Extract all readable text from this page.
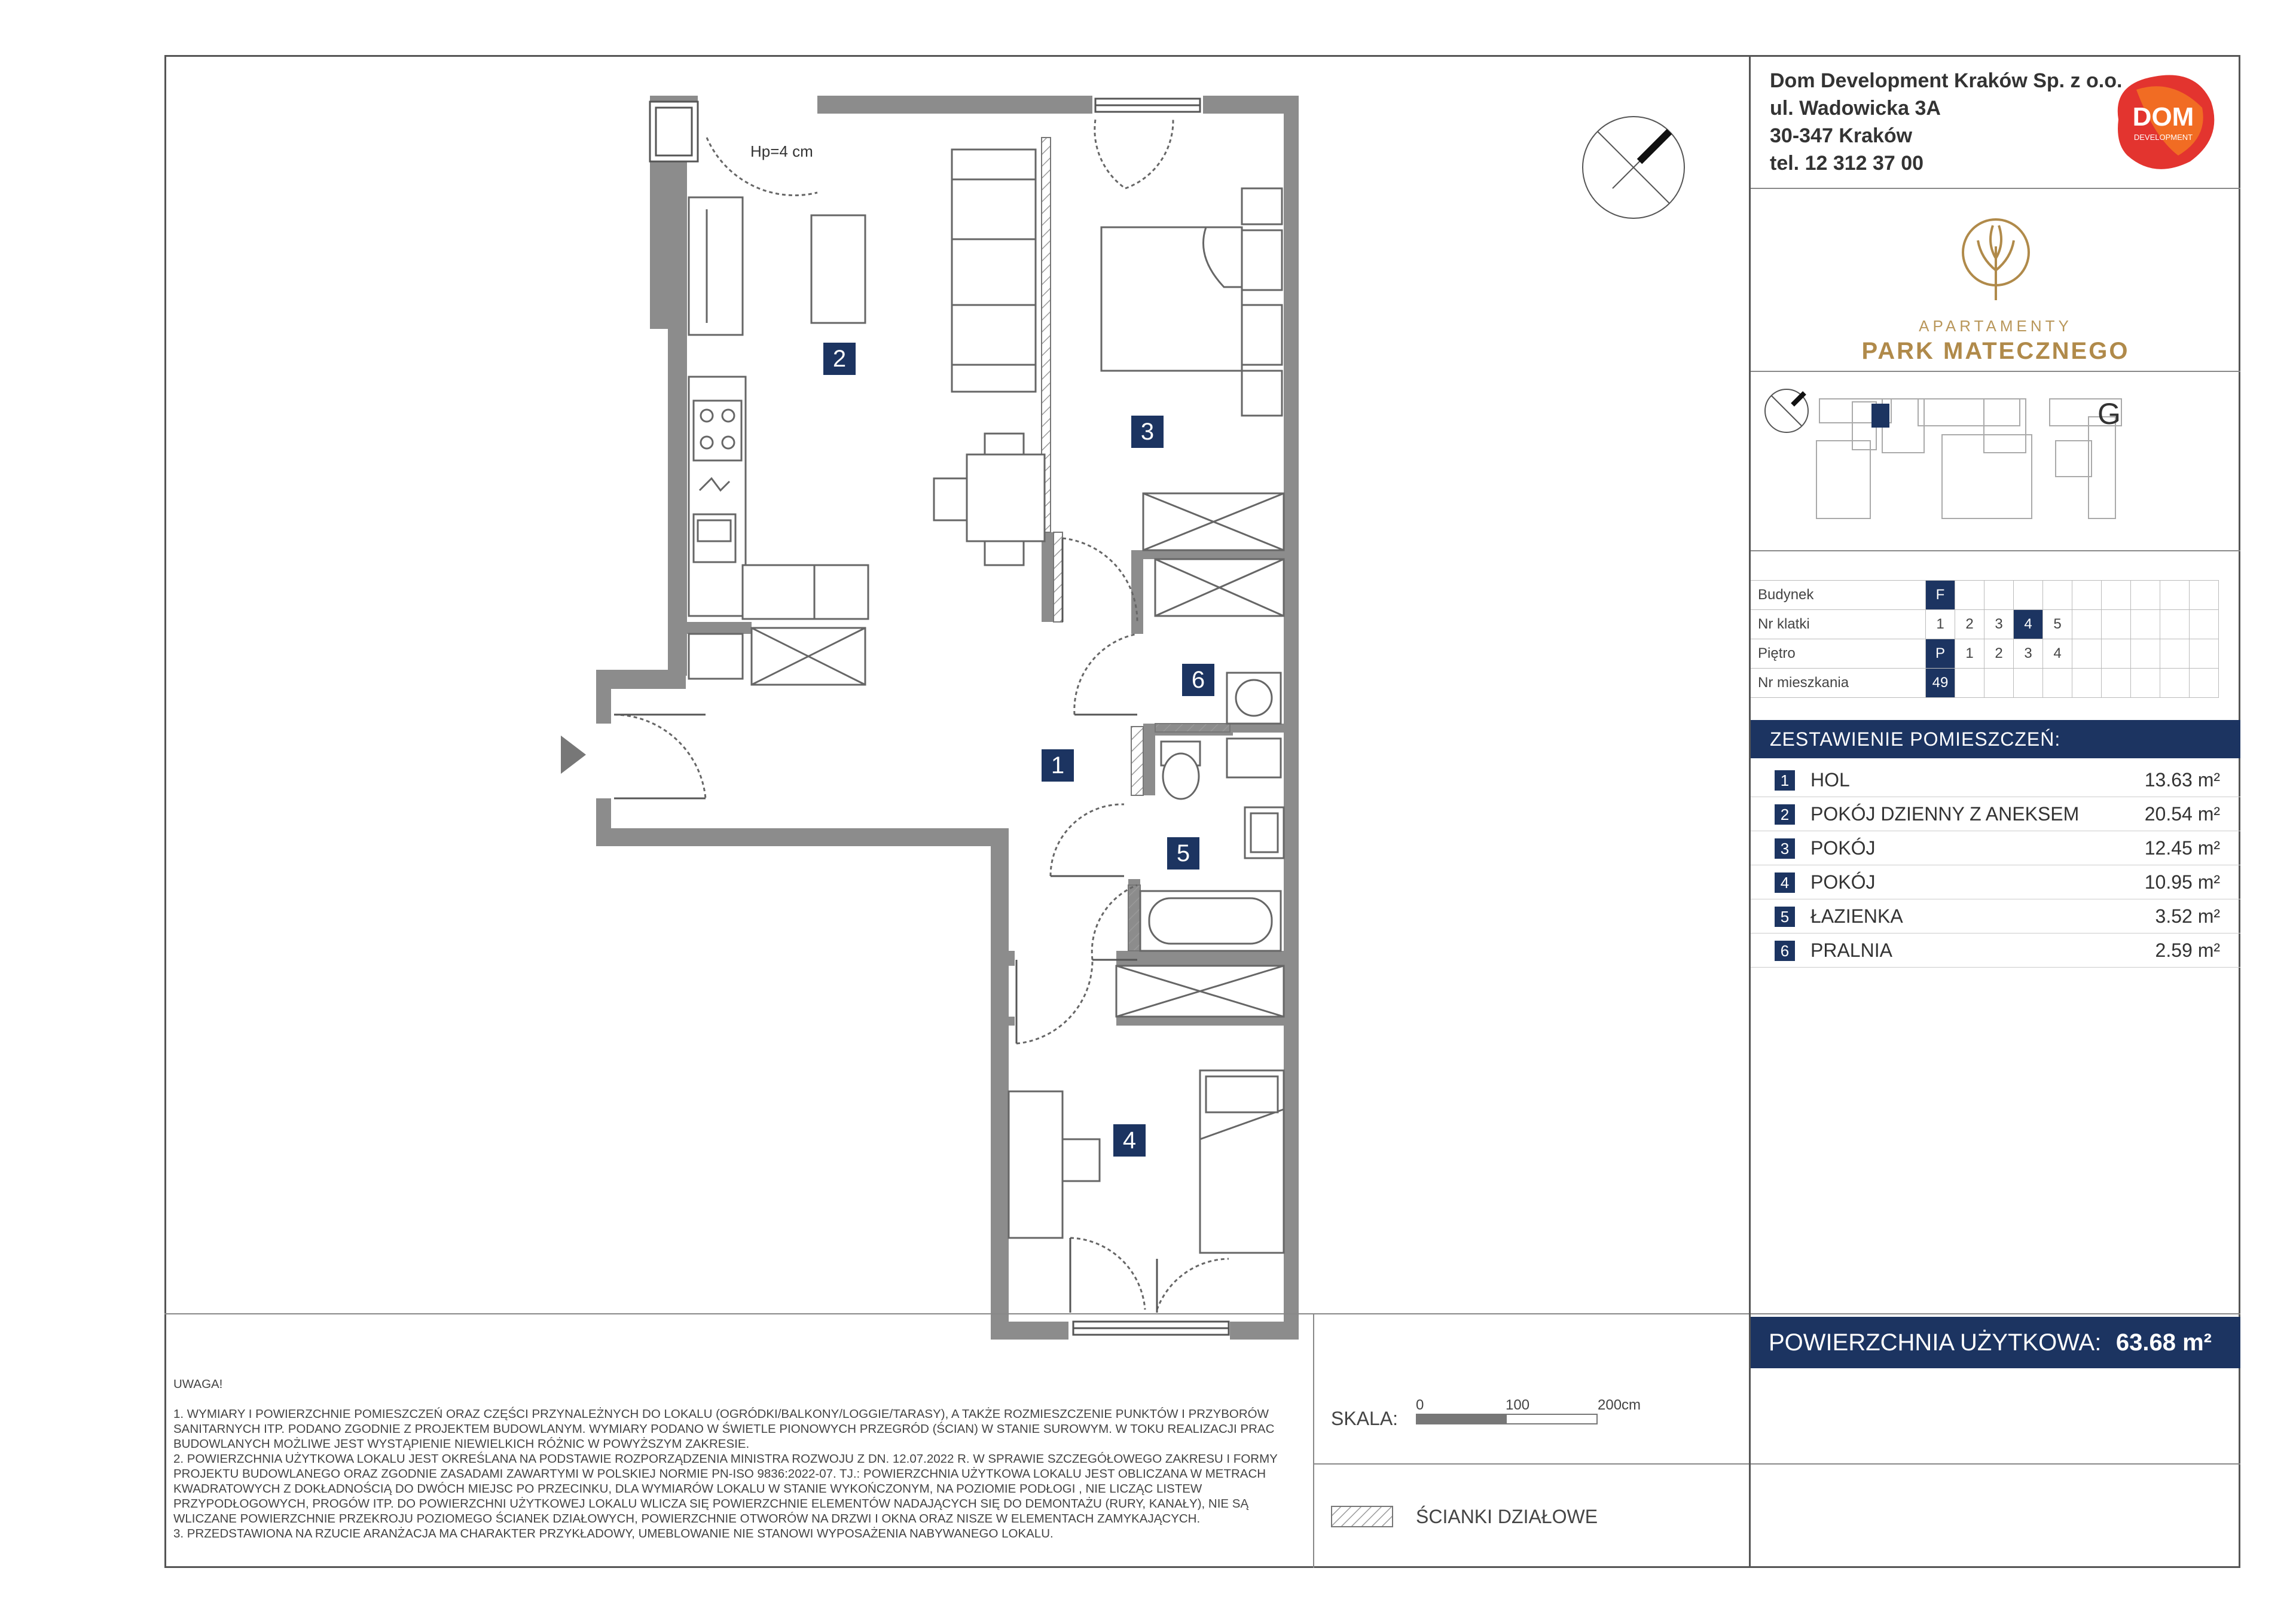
Hp=4 cm
2
3
6
1
5
4
Dom Development Kraków Sp. z o.o.
ul. Wadowicka 3A
30-347 Kraków
tel. 12 312 37 00
DOM
DEVELOPMENT
APARTAMENTY
PARK MATECZNEGO
G
Budynek	F									
Nr klatki	1	2	3	4	5					
Piętro	P	1	2	3	4					
Nr mieszkania	49									
ZESTAWIENIE POMIESZCZEŃ:
1	HOL	13.63 m²
2	POKÓJ DZIENNY Z ANEKSEM	20.54 m²
3	POKÓJ	12.45 m²
4	POKÓJ	10.95 m²
5	ŁAZIENKA	3.52 m²
6	PRALNIA	2.59 m²
POWIERZCHNIA UŻYTKOWA: 63.68 m²

UWAGA!

1. WYMIARY I POWIERZCHNIE POMIESZCZEŃ ORAZ CZĘŚCI PRZYNALEŻNYCH DO LOKALU (OGRÓDKI/BALKONY/LOGGIE/TARASY), A TAKŻE ROZMIESZCZENIE PUNKTÓW I PRZYBORÓW SANITARNYCH ITP. PODANO ZGODNIE Z PROJEKTEM BUDOWLANYM. WYMIARY PODANO W ŚWIETLE PIONOWYCH PRZEGRÓD (ŚCIAN) W STANIE SUROWYM. W TOKU REALIZACJI PRAC BUDOWLANYCH MOŻLIWE JEST WYSTĄPIENIE NIEWIELKICH RÓŻNIC W POWYŻSZYM ZAKRESIE.

2. POWIERZCHNIA UŻYTKOWA LOKALU JEST OKREŚLANA NA PODSTAWIE ROZPORZĄDZENIA MINISTRA ROZWOJU Z DN. 12.07.2022 R. W SPRAWIE SZCZEGÓŁOWEGO ZAKRESU I FORMY PROJEKTU BUDOWLANEGO ORAZ ZGODNIE ZASADAMI ZAWARTYMI W POLSKIEJ NORMIE PN-ISO 9836:2022-07. TJ.: POWIERZCHNIA UŻYTKOWA LOKALU JEST OBLICZANA W METRACH KWADRATOWYCH Z DOKŁADNOŚCIĄ DO DWÓCH MIEJSC PO PRZECINKU, DLA WYMIARÓW LOKALU W STANIE WYKOŃCZONYM, NA POZIOMIE PODŁOGI , NIE LICZĄC LISTEW PRZYPODŁOGOWYCH, PROGÓW ITP. DO POWIERZCHNI UŻYTKOWEJ LOKALU WLICZA SIĘ POWIERZCHNIE ELEMENTÓW NADAJĄCYCH SIĘ DO DEMONTAŻU (RURY, KANAŁY), NIE SĄ WLICZANE POWIERZCHNIE PRZEKROJU POZIOMEGO ŚCIANEK DZIAŁOWYCH, POWIERZCHNIE OTWORÓW NA DRZWI I OKNA ORAZ NISZE W ELEMENTACH ZAMYKAJĄCYCH.

3. PRZEDSTAWIONA NA RZUCIE ARANŻACJA MA CHARAKTER PRZYKŁADOWY, UMEBLOWANIE NIE STANOWI WYPOSAŻENIA NABYWANEGO LOKALU.

SKALA:
0	100	200cm
ŚCIANKI DZIAŁOWE
